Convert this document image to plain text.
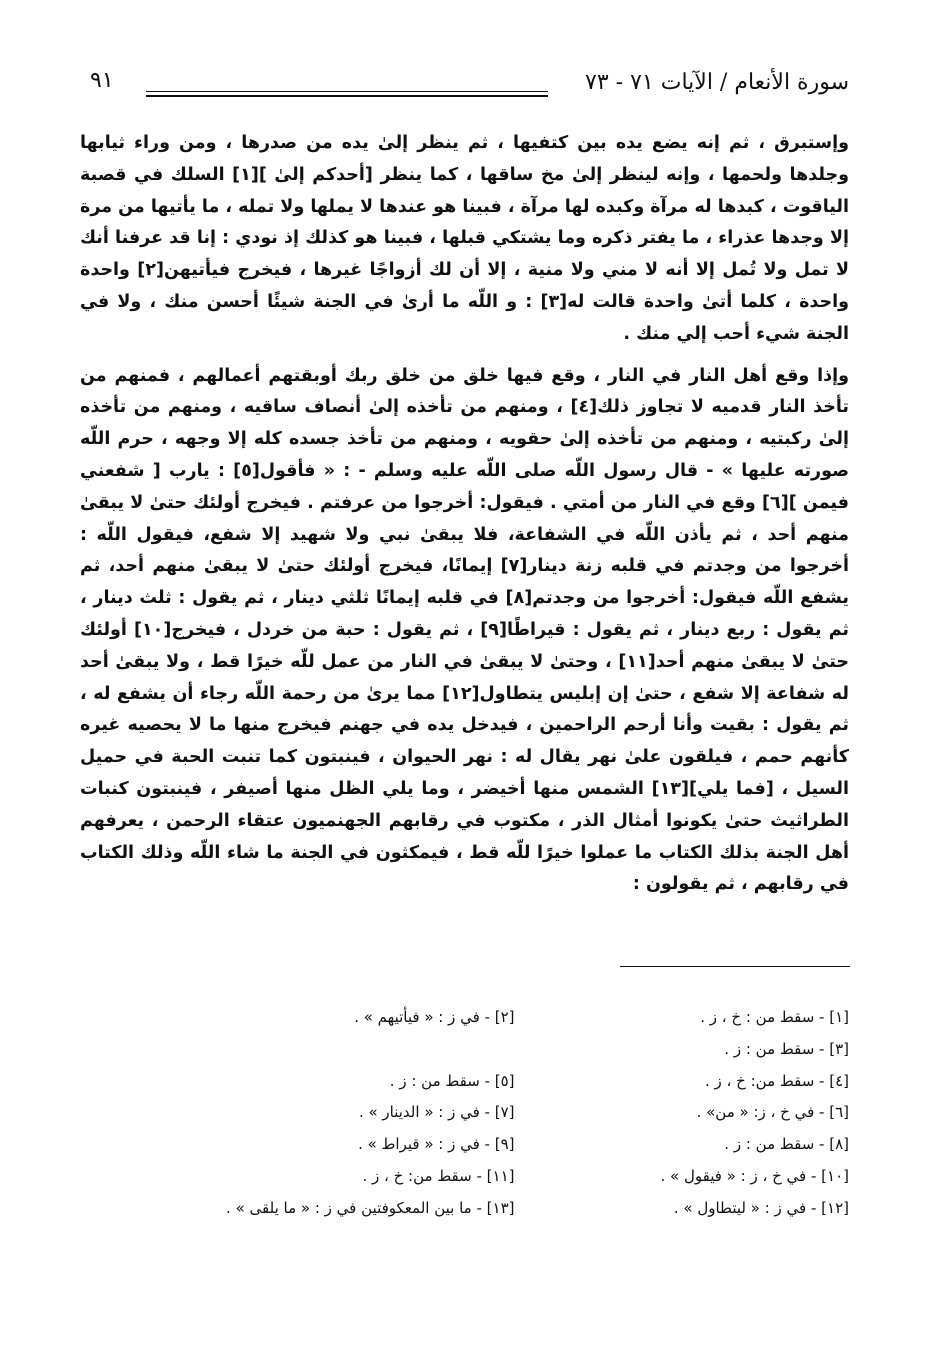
٩١	سورة الأنعام / الآيات ٧١ - ٧٣

وإستبرق ، ثم إنه يضع يده بين كتفيها ، ثم ينظر إلىٰ يده من صدرها ، ومن وراء ثيابها وجلدها ولحمها ، وإنه لينظر إلىٰ مخ ساقها ، كما ينظر [أحدكم إلىٰ ][١] السلك في قصبة الياقوت ، كبدها له مرآة وكبده لها مرآة ، فبينا هو عندها لا يملها ولا تمله ، ما يأتيها من مرة إلا وجدها عذراء ، ما يفتر ذكره وما يشتكي قبلها ، فبينا هو كذلك إذ نودي : إنا قد عرفنا أنك لا تمل ولا تُمل إلا أنه لا مني ولا منية ، إلا أن لك أزواجًا غيرها ، فيخرج فيأتيهن[٢] واحدة واحدة ، كلما أتىٰ واحدة قالت له[٣] : و اللّه ما أرىٰ في الجنة شيئًا أحسن منك ، ولا في الجنة شيء أحب إلي منك .

وإذا وقع أهل النار في النار ، وقع فيها خلق من خلق ربك أوبقتهم أعمالهم ، فمنهم من تأخذ النار قدميه لا تجاوز ذلك[٤] ، ومنهم من تأخذه إلىٰ أنصاف ساقيه ، ومنهم من تأخذه إلىٰ ركبتيه ، ومنهم من تأخذه إلىٰ حقويه ، ومنهم من تأخذ جسده كله إلا وجهه ، حرم اللّه صورته عليها » - قال رسول اللّه صلى اللّه عليه وسلم - : « فأقول[٥] : يارب [ شفعني فيمن ][٦] وقع في النار من أمتي . فيقول: أخرجوا من عرفتم . فيخرج أولئك حتىٰ لا يبقىٰ منهم أحد ، ثم يأذن اللّه في الشفاعة، فلا يبقىٰ نبي ولا شهيد إلا شفع، فيقول اللّه : أخرجوا من وجدتم في قلبه زنة دينار[٧] إيمانًا، فيخرج أولئك حتىٰ لا يبقىٰ منهم أحد، ثم يشفع اللّه فيقول: أخرجوا من وجدتم[٨] في قلبه إيمانًا ثلثي دينار ، ثم يقول : ثلث دينار ، ثم يقول : ربع دينار ، ثم يقول : قيراطًا[٩] ، ثم يقول : حبة من خردل ، فيخرج[١٠] أولئك حتىٰ لا يبقىٰ منهم أحد[١١] ، وحتىٰ لا يبقىٰ في النار من عمل للّه خيرًا قط ، ولا يبقىٰ أحد له شفاعة إلا شفع ، حتىٰ إن إبليس يتطاول[١٢] مما يرىٰ من رحمة اللّه رجاء أن يشفع له ، ثم يقول : بقيت وأنا أرحم الراحمين ، فيدخل يده في جهنم فيخرج منها ما لا يحصيه غيره كأنهم حمم ، فيلقون علىٰ نهر يقال له : نهر الحيوان ، فينبتون كما تنبت الحبة في حميل السيل ، [فما يلي][١٣] الشمس منها أخيضر ، وما يلي الظل منها أصيفر ، فينبتون كنبات الطراثيث حتىٰ يكونوا أمثال الذر ، مكتوب في رقابهم الجهنميون عتقاء الرحمن ، يعرفهم أهل الجنة بذلك الكتاب ما عملوا خيرًا للّه قط ، فيمكثون في الجنة ما شاء اللّه وذلك الكتاب في رقابهم ، ثم يقولون :

[١] - سقط من : خ ، ز .
[٣] - سقط من : ز .
[٤] - سقط من: خ ، ز .
[٦] - في خ ، ز: « من» .
[٨] - سقط من : ز .
[١٠] - في خ ، ز : « فيقول » .
[١٢] - في ز : « ليتطاول » .
[٢] - في ز : « فيأتيهم » .
[٥] - سقط من : ز .
[٧] - في ز : « الدينار » .
[٩] - في ز : « قيراط » .
[١١] - سقط من: خ ، ز .
[١٣] - ما بين المعكوفتين في ز : « ما يلقى » .
